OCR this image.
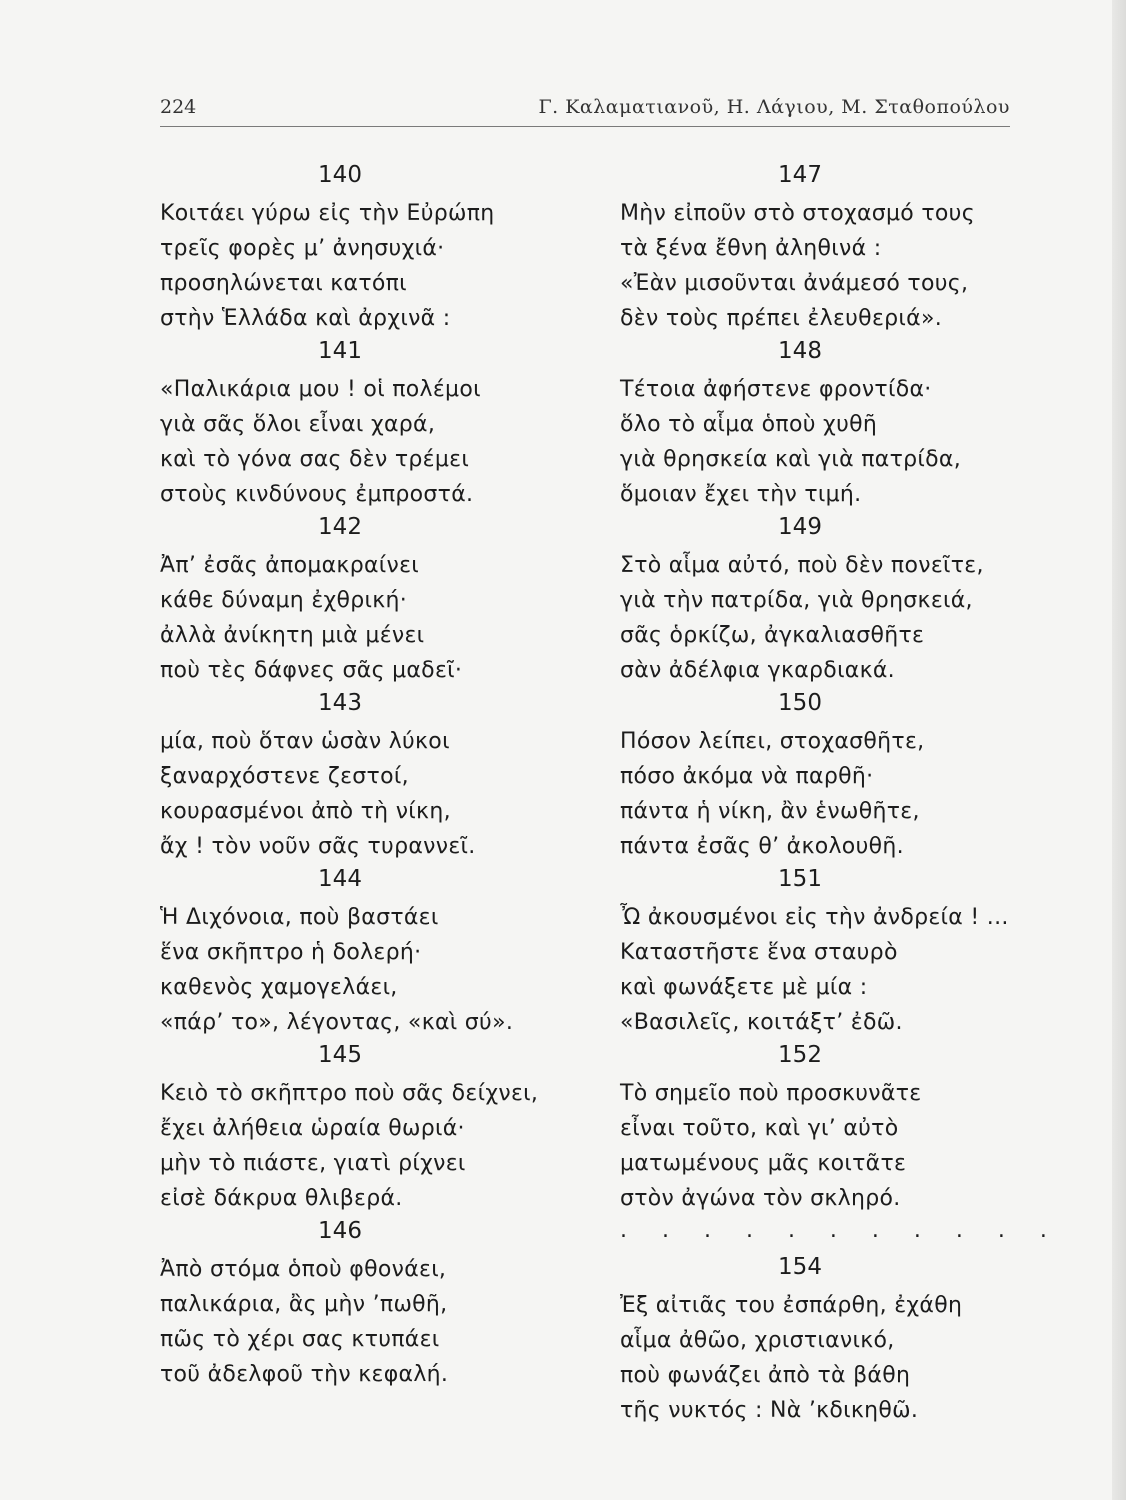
224	Γ. Καλαματιανοῦ, Η. Λάγιου, Μ. Σταθοπούλου
140
Κοιτάει γύρω εἰς τὴν Εὐρώπη
τρεῖς φορὲς μ’ ἀνησυχιά·
προσηλώνεται κατόπι
στὴν Ἑλλάδα καὶ ἀρχινᾶ :
141
«Παλικάρια μου ! οἱ πολέμοι
γιὰ σᾶς ὅλοι εἶναι χαρά,
καὶ τὸ γόνα σας δὲν τρέμει
στοὺς κινδύνους ἐμπροστά.
142
Ἀπ’ ἐσᾶς ἀπομακραίνει
κάθε δύναμη ἐχθρική·
ἀλλὰ ἀνίκητη μιὰ μένει
ποὺ τὲς δάφνες σᾶς μαδεῖ·
143
μία, ποὺ ὅταν ὡσὰν λύκοι
ξαναρχόστενε ζεστοί,
κουρασμένοι ἀπὸ τὴ νίκη,
ἄχ ! τὸν νοῦν σᾶς τυραννεῖ.
144
Ἡ Διχόνοια, ποὺ βαστάει
ἕνα σκῆπτρο ἡ δολερή·
καθενὸς χαμογελάει,
«πάρ’ το», λέγοντας, «καὶ σύ».
145
Κειὸ τὸ σκῆπτρο ποὺ σᾶς δείχνει,
ἔχει ἀλήθεια ὡραία θωριά·
μὴν τὸ πιάστε, γιατὶ ρίχνει
εἰσὲ δάκρυα θλιβερά.
146
Ἀπὸ στόμα ὁποὺ φθονάει,
παλικάρια, ἂς μὴν ’πωθῆ,
πῶς τὸ χέρι σας κτυπάει
τοῦ ἀδελφοῦ τὴν κεφαλή.
147
Μὴν εἰποῦν στὸ στοχασμό τους
τὰ ξένα ἔθνη ἀληθινά :
«Ἐὰν μισοῦνται ἀνάμεσό τους,
δὲν τοὺς πρέπει ἐλευθεριά».
148
Τέτοια ἀφήστενε φροντίδα·
ὅλο τὸ αἷμα ὁποὺ χυθῆ
γιὰ θρησκεία καὶ γιὰ πατρίδα,
ὅμοιαν ἔχει τὴν τιμή.
149
Στὸ αἷμα αὐτό, ποὺ δὲν πονεῖτε,
γιὰ τὴν πατρίδα, γιὰ θρησκειά,
σᾶς ὁρκίζω, ἀγκαλιασθῆτε
σὰν ἀδέλφια γκαρδιακά.
150
Πόσον λείπει, στοχασθῆτε,
πόσο ἀκόμα νὰ παρθῆ·
πάντα ἡ νίκη, ἂν ἑνωθῆτε,
πάντα ἐσᾶς θ’ ἀκολουθῆ.
151
Ὦ ἀκουσμένοι εἰς τὴν ἀνδρεία ! ...
Καταστῆστε ἕνα σταυρὸ
καὶ φωνάξετε μὲ μία :
«Βασιλεῖς, κοιτάξτ’ ἐδῶ.
152
Τὸ σημεῖο ποὺ προσκυνᾶτε
εἶναι τοῦτο, καὶ γι’ αὐτὸ
ματωμένους μᾶς κοιτᾶτε
στὸν ἀγώνα τὸν σκληρό.
. . . . . . . . . . .
154
Ἐξ αἰτιᾶς του ἐσπάρθη, ἐχάθη
αἷμα ἀθῶο, χριστιανικό,
ποὺ φωνάζει ἀπὸ τὰ βάθη
τῆς νυκτός : Νὰ ’κδικηθῶ.
